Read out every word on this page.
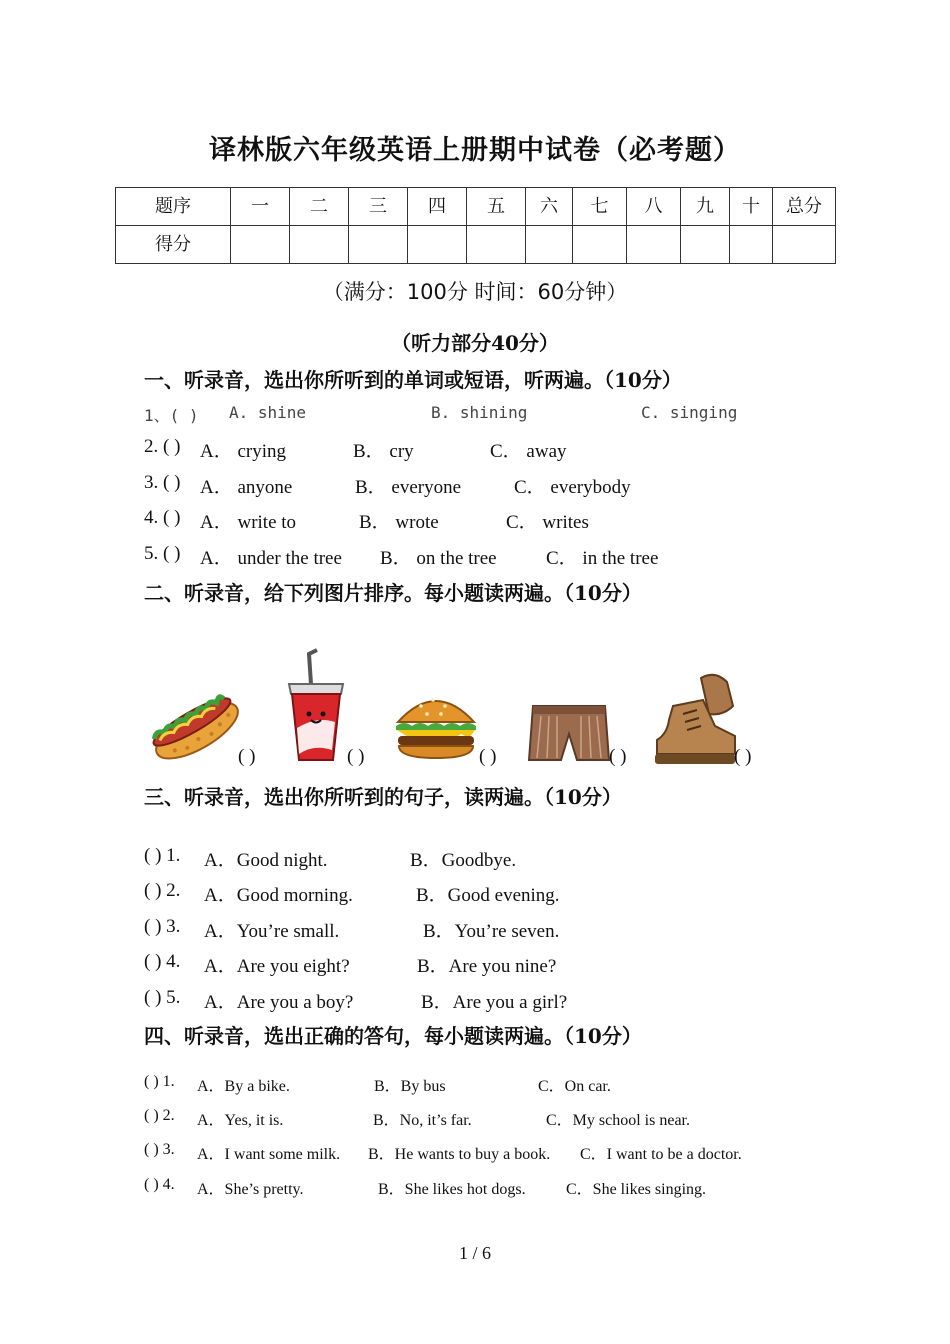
译林版六年级英语上册期中试卷（必考题）
题序	一	二	三	四	五	六	七	八	九	十	总分
得分											
（满分：100分 时间：60分钟）
（听力部分40分）
一、听录音，选出你所听到的单词或短语，听两遍。（10分）
1、( ) A. shine	B. shining	C. singing
2. ( ) A． crying	B． cry	C． away
3. ( ) A． anyone	B． everyone	C． everybody
4. ( ) A． write to	B． wrote	C． writes
5. ( ) A． under the tree B． on the tree	C． in the tree
二、听录音，给下列图片排序。每小题读两遍。（10分）
( )	( )	( )	( )	( )
三、听录音，选出你所听到的句子，读两遍。（10分）
( ) 1. A．Good night.	B．Goodbye.
( ) 2. A．Good morning.	B．Good evening.
( ) 3. A．You’re small.	B．You’re seven.
( ) 4. A．Are you eight?	B．Are you nine?
( ) 5. A．Are you a boy?	B．Are you a girl?
四、听录音，选出正确的答句，每小题读两遍。（10分）
( ) 1. A．By a bike.	B．By bus	C．On car.
( ) 2. A．Yes, it is.	B．No, it’s far.	C．My school is near.
( ) 3. A．I want some milk. B．He wants to buy a book. C．I want to be a doctor.
( ) 4. A．She’s pretty.	B．She likes hot dogs.	C．She likes singing.
1 / 6
